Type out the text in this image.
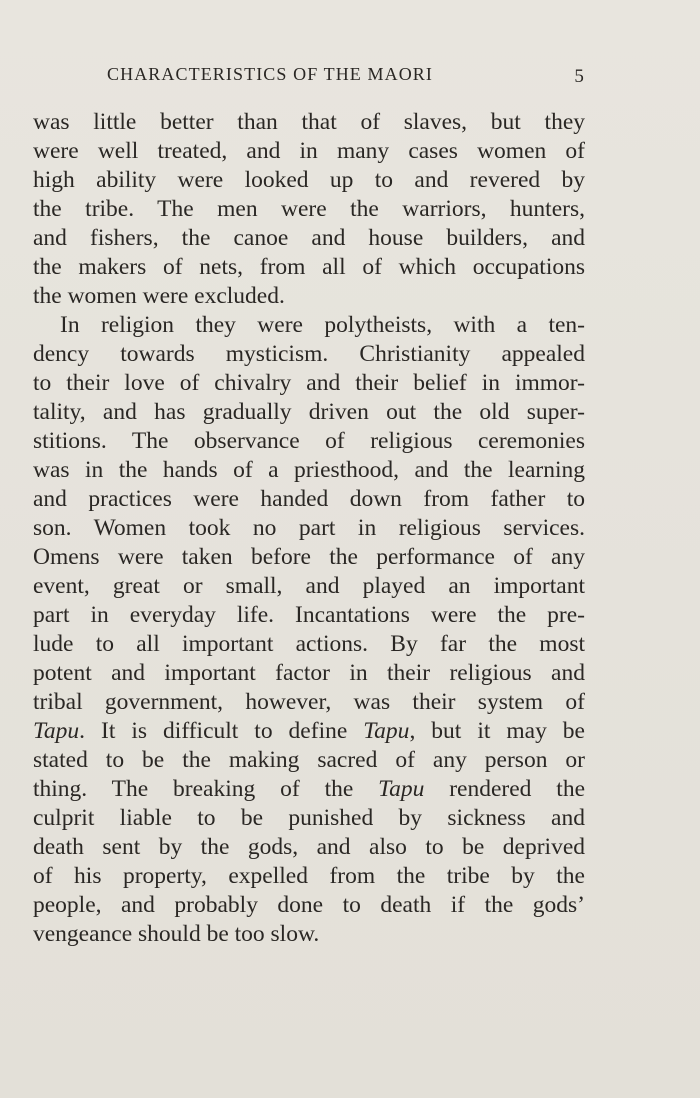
CHARACTERISTICS OF THE MAORI	5
was little better than that of slaves, but they
were well treated, and in many cases women of
high ability were looked up to and revered by
the tribe. The men were the warriors, hunters,
and fishers, the canoe and house builders, and
the makers of nets, from all of which occupations
the women were excluded.
In religion they were polytheists, with a ten-
dency towards mysticism. Christianity appealed
to their love of chivalry and their belief in immor-
tality, and has gradually driven out the old super-
stitions. The observance of religious ceremonies
was in the hands of a priesthood, and the learning
and practices were handed down from father to
son. Women took no part in religious services.
Omens were taken before the performance of any
event, great or small, and played an important
part in everyday life. Incantations were the pre-
lude to all important actions. By far the most
potent and important factor in their religious and
tribal government, however, was their system of
Tapu. It is difficult to define Tapu, but it may be
stated to be the making sacred of any person or
thing. The breaking of the Tapu rendered the
culprit liable to be punished by sickness and
death sent by the gods, and also to be deprived
of his property, expelled from the tribe by the
people, and probably done to death if the gods’
vengeance should be too slow.
